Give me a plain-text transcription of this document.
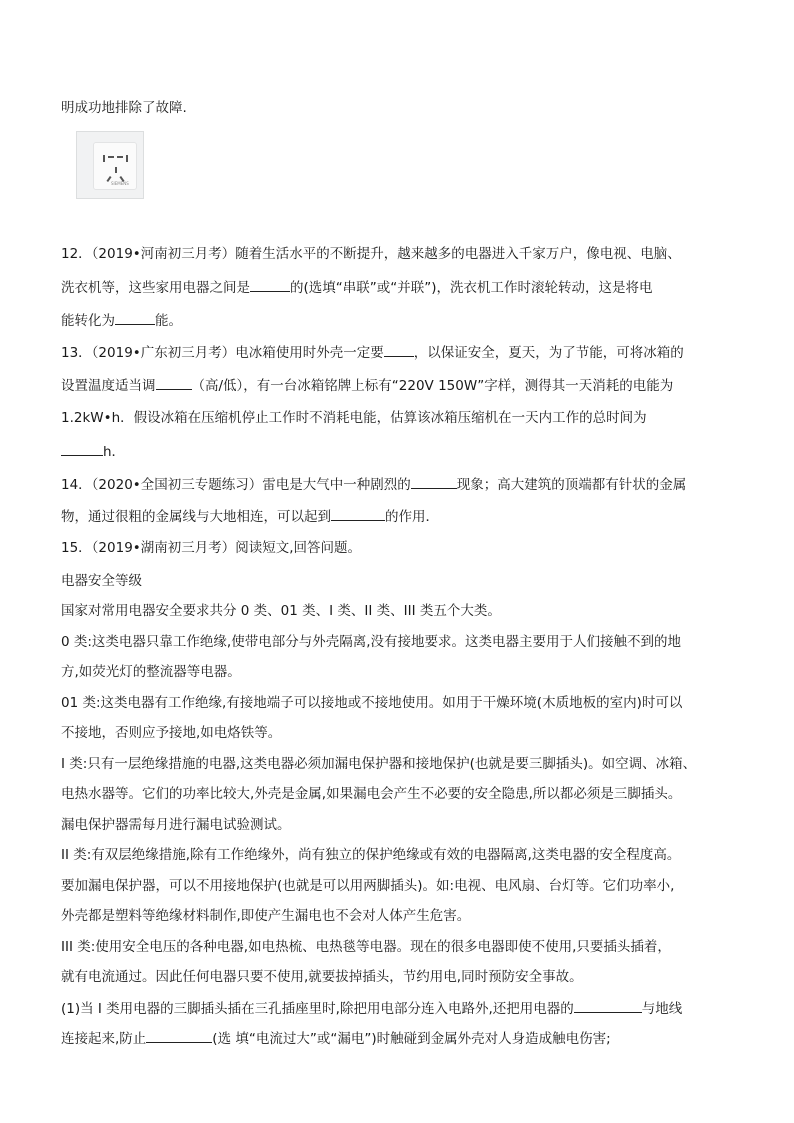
明成功地排除了故障.
SIEMENS
12．（2019•河南初三月考）随着生活水平的不断提升，越来越多的电器进入千家万户，像电视、电脑、
洗衣机等，这些家用电器之间是	的(选填“串联”或“并联”)，洗衣机工作时滚轮转动，这是将电
能转化为	能。
13．（2019•广东初三月考）电冰箱使用时外壳一定要 ，以保证安全，夏天，为了节能，可将冰箱的
设置温度适当调	（高/低），有一台冰箱铭牌上标有“220V 150W”字样，测得其一天消耗的电能为
1.2kW•h．假设冰箱在压缩机停止工作时不消耗电能，估算该冰箱压缩机在一天内工作的总时间为
h．
14．（2020•全国初三专题练习）雷电是大气中一种剧烈的	现象；高大建筑的顶端都有针状的金属
物，通过很粗的金属线与大地相连，可以起到	的作用．
15．（2019•湖南初三月考）阅读短文,回答问题。
电器安全等级
国家对常用电器安全要求共分 0 类、01 类、I 类、II 类、III 类五个大类。
0 类:这类电器只靠工作绝缘,使带电部分与外壳隔离,没有接地要求。这类电器主要用于人们接触不到的地
方,如荧光灯的整流器等电器。
01 类:这类电器有工作绝缘,有接地端子可以接地或不接地使用。如用于干燥环境(木质地板的室内)时可以
不接地，否则应予接地,如电烙铁等。
I 类:只有一层绝缘措施的电器,这类电器必须加漏电保护器和接地保护(也就是要三脚插头)。如空调、冰箱、
电热水器等。它们的功率比较大,外壳是金属,如果漏电会产生不必要的安全隐患,所以都必须是三脚插头。
漏电保护器需每月进行漏电试验测试。
II 类:有双层绝缘措施,除有工作绝缘外，尚有独立的保护绝缘或有效的电器隔离,这类电器的安全程度高。
要加漏电保护器，可以不用接地保护(也就是可以用两脚插头)。如:电视、电风扇、台灯等。它们功率小,
外壳都是塑料等绝缘材料制作,即使产生漏电也不会对人体产生危害。
III 类:使用安全电压的各种电器,如电热梳、电热毯等电器。现在的很多电器即使不使用,只要插头插着，
就有电流通过。因此任何电器只要不使用,就要拔掉插头，节约用电,同时预防安全事故。
(1)当 I 类用电器的三脚插头插在三孔插座里时,除把用电部分连入电路外,还把用电器的	与地线
连接起来,防止	(选 填“电流过大”或“漏电”)时触碰到金属外壳对人身造成触电伤害;
